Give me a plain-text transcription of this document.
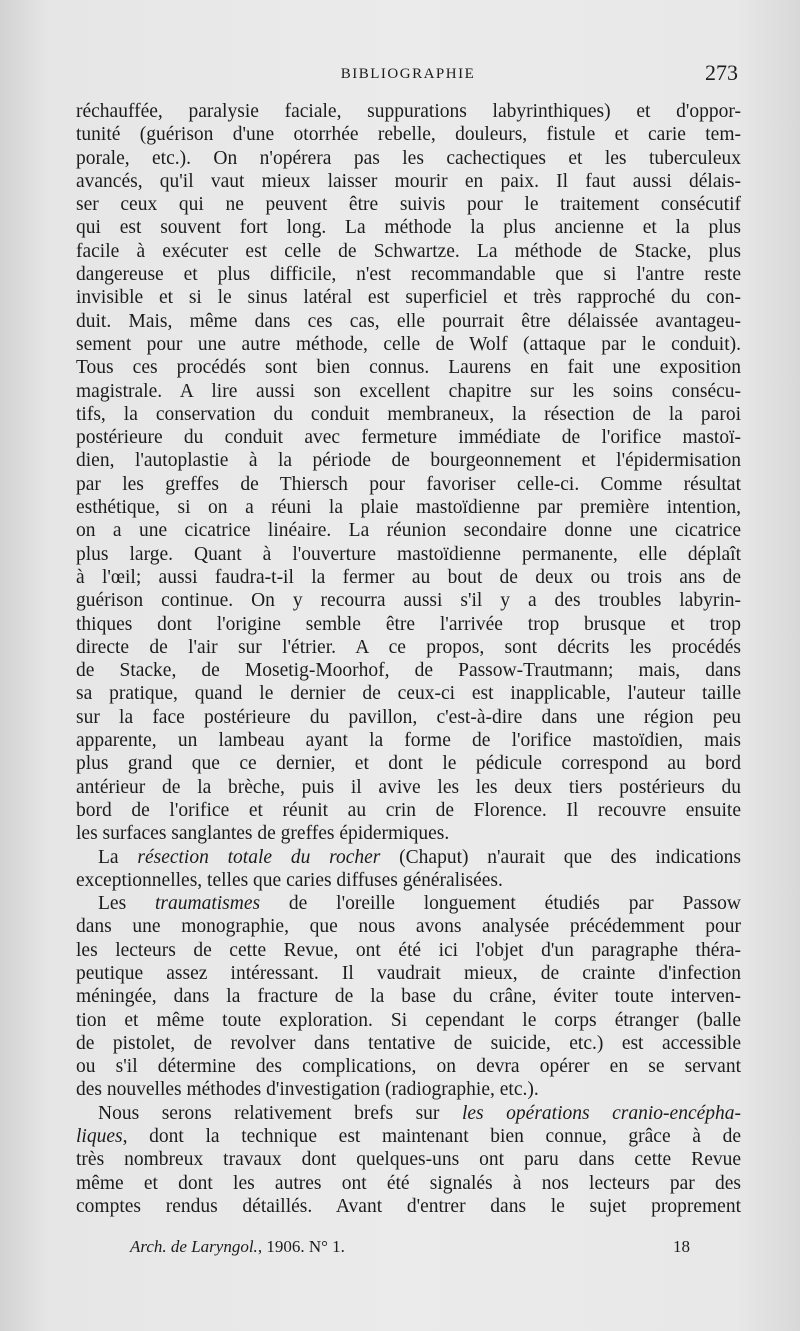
BIBLIOGRAPHIE	273
réchauffée, paralysie faciale, suppurations labyrinthiques) et d'oppor-
tunité (guérison d'une otorrhée rebelle, douleurs, fistule et carie tem-
porale, etc.). On n'opérera pas les cachectiques et les tuberculeux
avancés, qu'il vaut mieux laisser mourir en paix. Il faut aussi délais-
ser ceux qui ne peuvent être suivis pour le traitement consécutif
qui est souvent fort long. La méthode la plus ancienne et la plus
facile à exécuter est celle de Schwartze. La méthode de Stacke, plus
dangereuse et plus difficile, n'est recommandable que si l'antre reste
invisible et si le sinus latéral est superficiel et très rapproché du con-
duit. Mais, même dans ces cas, elle pourrait être délaissée avantageu-
sement pour une autre méthode, celle de Wolf (attaque par le conduit).
Tous ces procédés sont bien connus. Laurens en fait une exposition
magistrale. A lire aussi son excellent chapitre sur les soins consécu-
tifs, la conservation du conduit membraneux, la résection de la paroi
postérieure du conduit avec fermeture immédiate de l'orifice mastoï-
dien, l'autoplastie à la période de bourgeonnement et l'épidermisation
par les greffes de Thiersch pour favoriser celle-ci. Comme résultat
esthétique, si on a réuni la plaie mastoïdienne par première intention,
on a une cicatrice linéaire. La réunion secondaire donne une cicatrice
plus large. Quant à l'ouverture mastoïdienne permanente, elle déplaît
à l'œil; aussi faudra-t-il la fermer au bout de deux ou trois ans de
guérison continue. On y recourra aussi s'il y a des troubles labyrin-
thiques dont l'origine semble être l'arrivée trop brusque et trop
directe de l'air sur l'étrier. A ce propos, sont décrits les procédés
de Stacke, de Mosetig-Moorhof, de Passow-Trautmann; mais, dans
sa pratique, quand le dernier de ceux-ci est inapplicable, l'auteur taille
sur la face postérieure du pavillon, c'est-à-dire dans une région peu
apparente, un lambeau ayant la forme de l'orifice mastoïdien, mais
plus grand que ce dernier, et dont le pédicule correspond au bord
antérieur de la brèche, puis il avive les les deux tiers postérieurs du
bord de l'orifice et réunit au crin de Florence. Il recouvre ensuite
les surfaces sanglantes de greffes épidermiques.
La résection totale du rocher (Chaput) n'aurait que des indications
exceptionnelles, telles que caries diffuses généralisées.
Les traumatismes de l'oreille longuement étudiés par Passow
dans une monographie, que nous avons analysée précédemment pour
les lecteurs de cette Revue, ont été ici l'objet d'un paragraphe théra-
peutique assez intéressant. Il vaudrait mieux, de crainte d'infection
méningée, dans la fracture de la base du crâne, éviter toute interven-
tion et même toute exploration. Si cependant le corps étranger (balle
de pistolet, de revolver dans tentative de suicide, etc.) est accessible
ou s'il détermine des complications, on devra opérer en se servant
des nouvelles méthodes d'investigation (radiographie, etc.).
Nous serons relativement brefs sur les opérations cranio-encépha-
liques, dont la technique est maintenant bien connue, grâce à de
très nombreux travaux dont quelques-uns ont paru dans cette Revue
même et dont les autres ont été signalés à nos lecteurs par des
comptes rendus détaillés. Avant d'entrer dans le sujet proprement
Arch. de Laryngol., 1906. N° 1.	18
